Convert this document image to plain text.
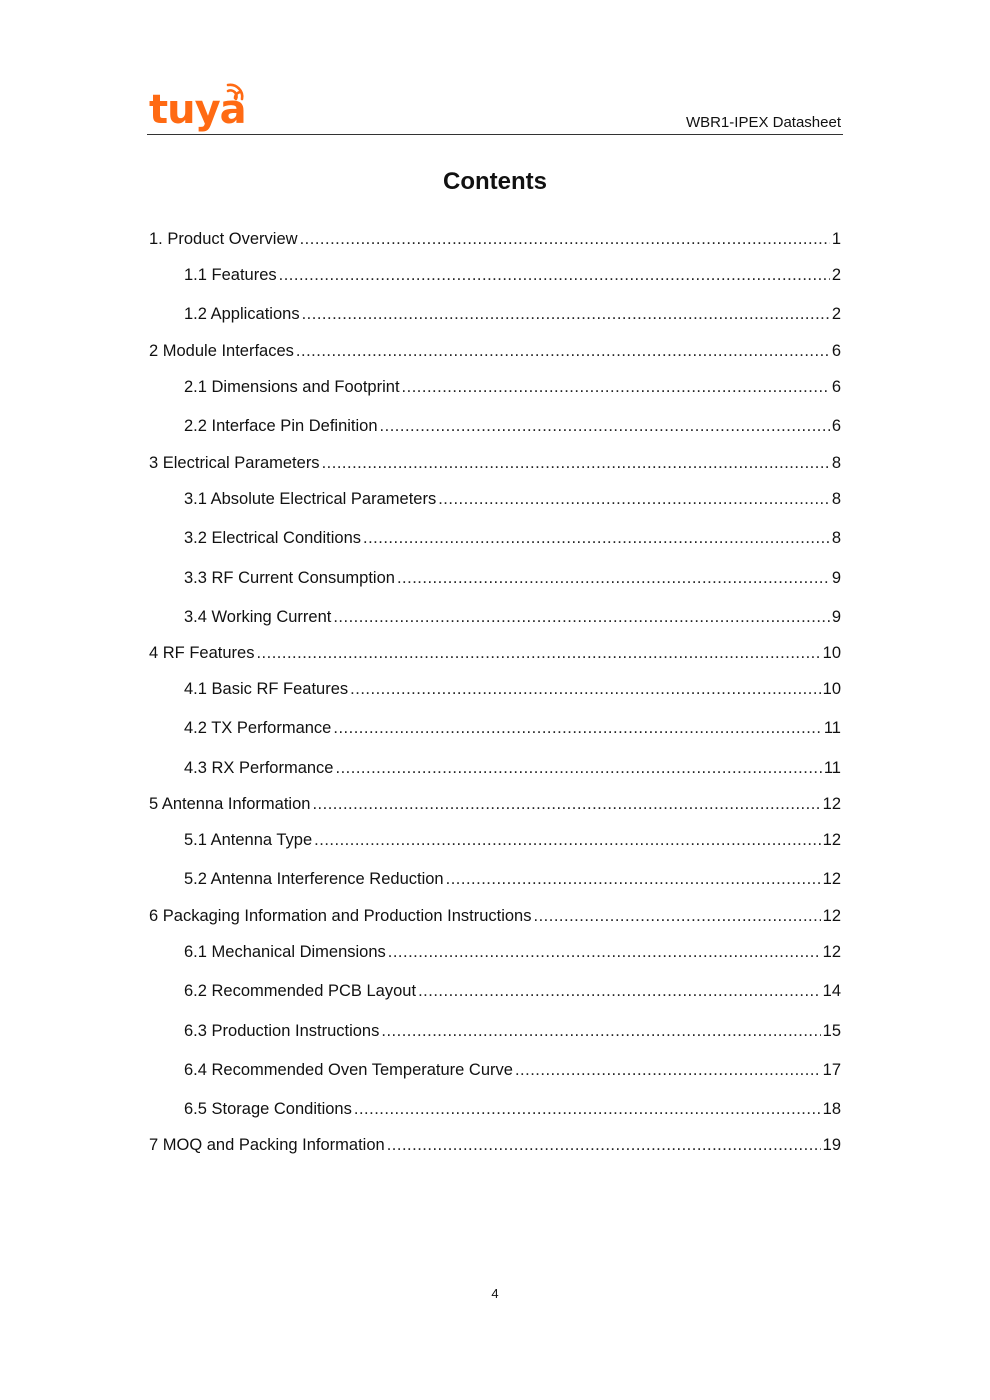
tuya	WBR1-IPEX Datasheet
Contents
1. Product Overview .....	1
1.1 Features .....	2
1.2 Applications .....	2
2 Module Interfaces .....	6
2.1 Dimensions and Footprint .....	6
2.2 Interface Pin Definition .....	6
3 Electrical Parameters .....	8
3.1 Absolute Electrical Parameters .....	8
3.2 Electrical Conditions .....	8
3.3 RF Current Consumption .....	9
3.4 Working Current .....	9
4 RF Features .....	10
4.1 Basic RF Features .....	10
4.2 TX Performance .....	11
4.3 RX Performance .....	11
5 Antenna Information .....	12
5.1 Antenna Type .....	12
5.2 Antenna Interference Reduction .....	12
6 Packaging Information and Production Instructions .....	12
6.1 Mechanical Dimensions .....	12
6.2 Recommended PCB Layout .....	14
6.3 Production Instructions .....	15
6.4 Recommended Oven Temperature Curve .....	17
6.5 Storage Conditions .....	18
7 MOQ and Packing Information .....	19
4
